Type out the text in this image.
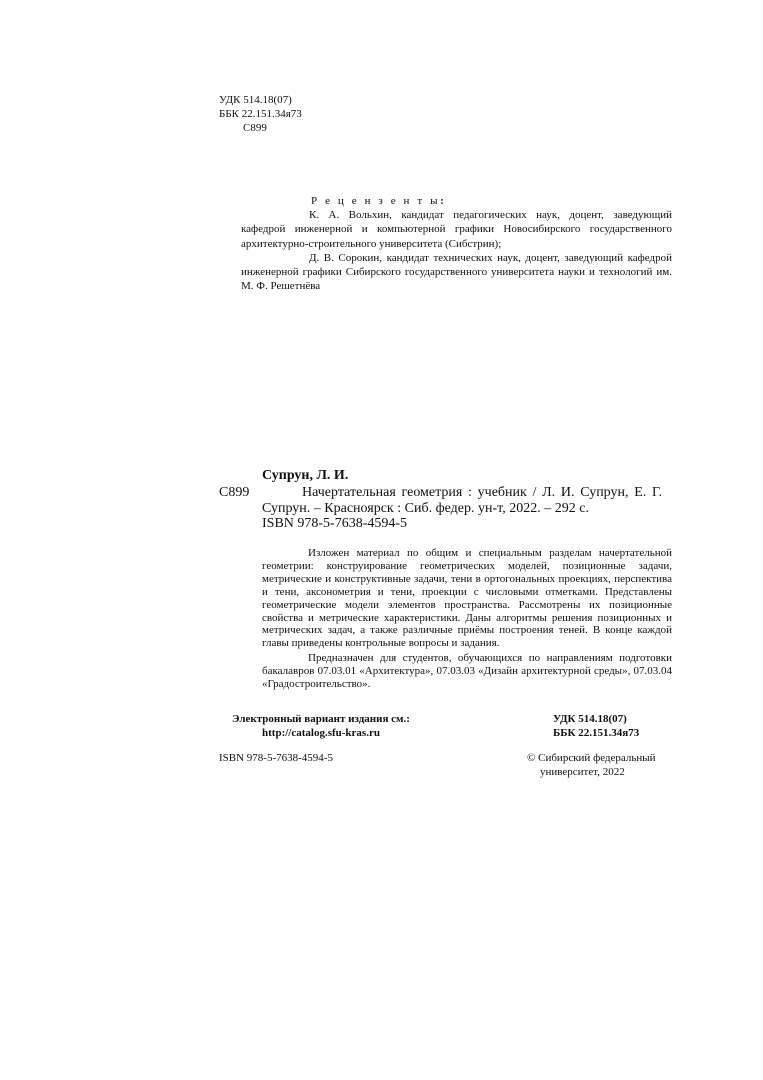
УДК 514.18(07)
ББК 22.151.34я73
С899

Р е ц е н з е н т ы:

К. А. Вольхин, кандидат педагогических наук, доцент, заведующий кафедрой инженерной и компьютерной графики Новосибирского государственного архитектурно-строительного университета (Сибстрин);

Д. В. Сорокин, кандидат технических наук, доцент, заведующий кафедрой инженерной графики Сибирского государственного университета науки и технологий им. М. Ф. Решетнёва

Супрун, Л. И.
С899	Начертательная геометрия : учебник / Л. И. Супрун, Е. Г. Супрун. – Красноярск : Сиб. федер. ун-т, 2022. – 292 с.

ISBN 978-5-7638-4594-5

Изложен материал по общим и специальным разделам начертательной геометрии: конструирование геометрических моделей, позиционные задачи, метрические и конструктивные задачи, тени в ортогональных проекциях, перспектива и тени, аксонометрия и тени, проекции с числовыми отметками. Представлены геометрические модели элементов пространства. Рассмотрены их позиционные свойства и метрические характеристики. Даны алгоритмы решения позиционных и метрических задач, а также различные приёмы построения теней. В конце каждой главы приведены контрольные вопросы и задания.

Предназначен для студентов, обучающихся по направлениям подготовки бакалавров 07.03.01 «Архитектура», 07.03.03 «Дизайн архитектурной среды», 07.03.04 «Градостроительство».

Электронный вариант издания см.:
http://catalog.sfu-kras.ru
УДК 514.18(07)
ББК 22.151.34я73
ISBN 978-5-7638-4594-5	© Сибирский федеральный
университет, 2022
